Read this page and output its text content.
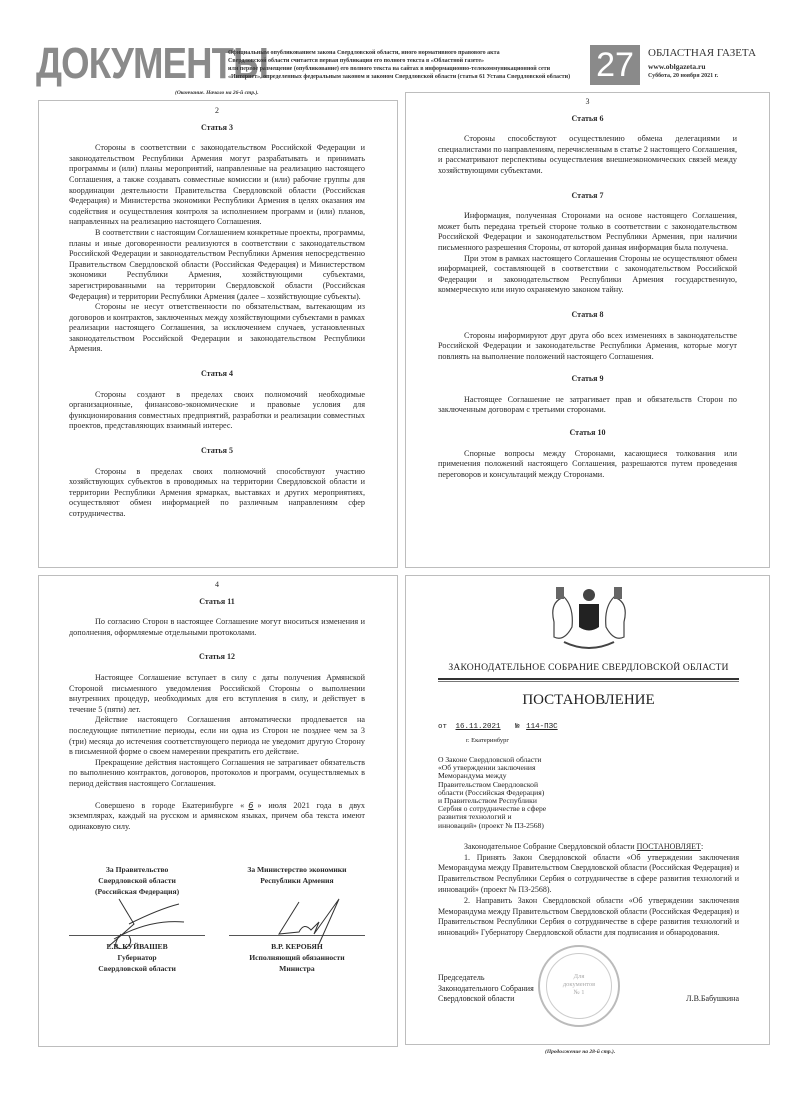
ДОКУМЕНТЫ
Официальным опубликованием закона Свердловской области, иного нормативного правового акта
Свердловской области считается первая публикация его полного текста в «Областной газете»
или первое размещение (опубликование) его полного текста на сайтах в информационно-телекоммуникационной сети
«Интернет», определенных федеральным законом и законом Свердловской области (статья 61 Устава Свердловской области) 27	ОБЛАСТНАЯ ГАЗЕТА
www.oblgazeta.ru
Суббота, 20 ноября 2021 г.
(Окончание. Начало на 26-й стр.).
2
Статья 3

Стороны в соответствии с законодательством Российской Федерации и законодательством Республики Армения могут разрабатывать и принимать программы и (или) планы мероприятий, направленные на реализацию настоящего Соглашения, а также создавать совместные комиссии и (или) рабочие группы для координации деятельности Правительства Свердловской области (Российская Федерация) и Министерства экономики Республики Армения в целях оказания им содействия и осуществления контроля за исполнением программ и (или) планов, направленных на реализацию настоящего Соглашения.

В соответствии с настоящим Соглашением конкретные проекты, программы, планы и иные договоренности реализуются в соответствии с законодательством Российской Федерации и законодательством Республики Армения непосредственно Правительством Свердловской области (Российская Федерация) и Министерством экономики Республики Армения, хозяйствующими субъектами, зарегистрированными на территории Свердловской области (Российская Федерация) и территории Республики Армения (далее – хозяйствующие субъекты).

Стороны не несут ответственности по обязательствам, вытекающим из договоров и контрактов, заключенных между хозяйствующими субъектами в рамках реализации настоящего Соглашения, за исключением случаев, установленных законодательством Российской Федерации и законодательством Республики Армения.

Статья 4

Стороны создают в пределах своих полномочий необходимые организационные, финансово-экономические и правовые условия для функционирования совместных предприятий, разработки и реализации совместных проектов, представляющих взаимный интерес.

Статья 5

Стороны в пределах своих полномочий способствуют участию хозяйствующих субъектов в проводимых на территории Свердловской области и территории Республики Армения ярмарках, выставках и других мероприятиях, осуществляют обмен информацией по различным направлениям сфер сотрудничества.

3
Статья 6

Стороны способствуют осуществлению обмена делегациями и специалистами по направлениям, перечисленным в статье 2 настоящего Соглашения, и рассматривают перспективы осуществления внешнеэкономических связей между хозяйствующими субъектами.

Статья 7

Информация, полученная Сторонами на основе настоящего Соглашения, может быть передана третьей стороне только в соответствии с законодательством Российской Федерации и законодательством Республики Армения, при наличии письменного разрешения Стороны, от которой данная информация была получена.

При этом в рамках настоящего Соглашения Стороны не осуществляют обмен информацией, составляющей в соответствии с законодательством Российской Федерации и законодательством Республики Армения государственную, коммерческую или иную охраняемую законом тайну.

Статья 8

Стороны информируют друг друга обо всех изменениях в законодательстве Российской Федерации и законодательстве Республики Армения, которые могут повлиять на выполнение положений настоящего Соглашения.

Статья 9

Настоящее Соглашение не затрагивает прав и обязательств Сторон по заключенным договорам с третьими сторонами.

Статья 10

Спорные вопросы между Сторонами, касающиеся толкования или применения положений настоящего Соглашения, разрешаются путем проведения переговоров и консультаций между Сторонами.

4
Статья 11

По согласию Сторон в настоящее Соглашение могут вноситься изменения и дополнения, оформляемые отдельными протоколами.

Статья 12

Настоящее Соглашение вступает в силу с даты получения Армянской Стороной письменного уведомления Российской Стороны о выполнении внутренних процедур, необходимых для его вступления в силу, и действует в течение 5 (пяти) лет.

Действие настоящего Соглашения автоматически продлевается на последующие пятилетние периоды, если ни одна из Сторон не позднее чем за 3 (три) месяца до истечения соответствующего периода не уведомит другую Сторону в письменной форме о своем намерении прекратить его действие.

Прекращение действия настоящего Соглашения не затрагивает обязательств по выполнению контрактов, договоров, протоколов и программ, осуществляемых в период действия настоящего Соглашения.

Совершено в городе Екатеринбурге « 6 » июля 2021 года в двух экземплярах, каждый на русском и армянском языках, причем оба текста имеют одинаковую силу.

За Правительство
Свердловской области
(Российская Федерация)
Е.В. КУЙВАШЕВ
Губернатор
Свердловской области
За Министерство экономики
Республики Армения
В.Р. КЕРОБЯН
Исполняющий обязанности
Министра
ЗАКОНОДАТЕЛЬНОЕ СОБРАНИЕ СВЕРДЛОВСКОЙ ОБЛАСТИ
ПОСТАНОВЛЕНИЕ
от 16.11.2021 № 114-ПЗС
г. Екатеринбург
О Законе Свердловской области «Об утверждении заключения Меморандума между Правительством Свердловской области (Российская Федерация) и Правительством Республики Сербия о сотрудничестве в сфере развития технологий и инноваций» (проект № ПЗ-2568)

Законодательное Собрание Свердловской области ПОСТАНОВЛЯЕТ:

1. Принять Закон Свердловской области «Об утверждении заключения Меморандума между Правительством Свердловской области (Российская Федерация) и Правительством Республики Сербия о сотрудничестве в сфере развития технологий и инноваций» (проект № ПЗ-2568).

2. Направить Закон Свердловской области «Об утверждении заключения Меморандума между Правительством Свердловской области (Российская Федерация) и Правительством Республики Сербия о сотрудничестве в сфере развития технологий и инноваций» Губернатору Свердловской области для подписания и обнародования.

Председатель
Законодательного Собрания
Свердловской области	Л.В.Бабушкина
Для
документов
№ 1
(Продолжение на 28-й стр.).
